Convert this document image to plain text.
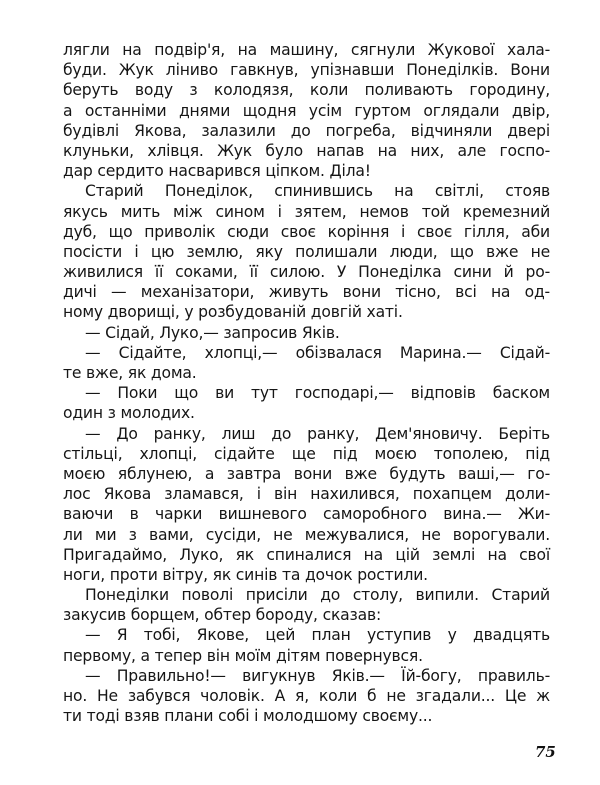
лягли на подвір'я, на машину, сягнули Жукової хала-
буди. Жук ліниво гавкнув, упізнавши Понеділків. Вони
беруть воду з колодязя, коли поливають городину,
а останніми днями щодня усім гуртом оглядали двір,
будівлі Якова, залазили до погреба, відчиняли двері
клуньки, хлівця. Жук було напав на них, але госпо-
дар сердито насварився ціпком. Діла!
Старий Понеділок, спинившись на світлі, стояв
якусь мить між сином і зятем, немов той кремезний
дуб, що приволік сюди своє коріння і своє гілля, аби
посісти і цю землю, яку полишали люди, що вже не
живилися її соками, її силою. У Понеділка сини й ро-
дичі — механізатори, живуть вони тісно, всі на од-
ному дворищі, у розбудованій довгій хаті.
— Сідай, Луко,— запросив Яків.
— Сідайте, хлопці,— обізвалася Марина.— Сідай-
те вже, як дома.
— Поки що ви тут господарі,— відповів баском
один з молодих.
— До ранку, лиш до ранку, Дем'яновичу. Беріть
стільці, хлопці, сідайте ще під моєю тополею, під
моєю яблунею, а завтра вони вже будуть ваші,— го-
лос Якова зламався, і він нахилився, похапцем доли-
ваючи в чарки вишневого саморобного вина.— Жи-
ли ми з вами, сусіди, не межувалися, не ворогували.
Пригадаймо, Луко, як спиналися на цій землі на свої
ноги, проти вітру, як синів та дочок ростили.
Понеділки поволі присіли до столу, випили. Старий
закусив борщем, обтер бороду, сказав:
— Я тобі, Якове, цей план уступив у двадцять
первому, а тепер він моїм дітям повернувся.
— Правильно!— вигукнув Яків.— Їй-богу, правиль-
но. Не забувся чоловік. А я, коли б не згадали... Це ж
ти тоді взяв плани собі і молодшому своєму...
75
